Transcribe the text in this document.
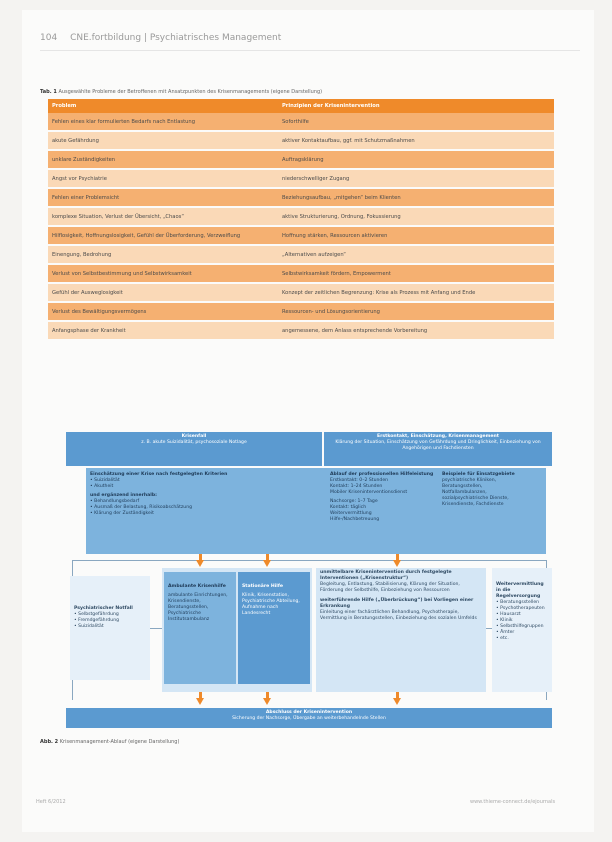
104 CNE.fortbildung | Psychiatrisches Management
Tab. 1 Ausgewählte Probleme der Betroffenen mit Ansatzpunkten des Krisenmanagements (eigene Darstellung)
Problem	Prinzipien der Krisenintervention
Fehlen eines klar formulierten Bedarfs nach Entlastung	Soforthilfe
akute Gefährdung	aktiver Kontaktaufbau, ggf. mit Schutzmaßnahmen
unklare Zuständigkeiten	Auftragsklärung
Angst vor Psychiatrie	niederschwelliger Zugang
Fehlen einer Problemsicht	Beziehungsaufbau, „mitgehen“ beim Klienten
komplexe Situation, Verlust der Übersicht, „Chaos“	aktive Strukturierung, Ordnung, Fokussierung
Hilflosigkeit, Hoffnungslosigkeit, Gefühl der Überforderung, Verzweiflung	Hoffnung stärken, Ressourcen aktivieren
Einengung, Bedrohung	„Alternativen aufzeigen“
Verlust von Selbstbestimmung und Selbstwirksamkeit	Selbstwirksamkeit fördern, Empowerment
Gefühl der Ausweglosigkeit	Konzept der zeitlichen Begrenzung: Krise als Prozess mit Anfang und Ende
Verlust des Bewältigungsvermögens	Ressourcen- und Lösungsorientierung
Anfangsphase der Krankheit	angemessene, dem Anlass entsprechende Vorbereitung
Krisenfall
z. B. akute Suizidalität, psychosoziale Notlage
Erstkontakt, Einschätzung, Krisenmanagement
Klärung der Situation, Einschätzung von Gefährdung und Dringlichkeit, Einbeziehung von Angehörigen und Fachdiensten
Einschätzung einer Krise nach festgelegten Kriterien
• Suizidalität
• Akutheit
und ergänzend innerhalb:
• Behandlungsbedarf
• Ausmaß der Belastung, Risikoabschätzung
• Klärung der Zuständigkeit
Ablauf der professionellen Hilfeleistung
Erstkontakt: 0–2 Stunden
Kontakt: 1–24 Stunden
Mobiler Kriseninterventionsdienst
Nachsorge: 1–7 Tage
Kontakt: täglich
Weitervermittlung
Hilfe-/Nachbetreuung
Beispiele für Einsatzgebiete
psychiatrische Kliniken,
Beratungsstellen,
Notfallambulanzen,
sozialpsychiatrische Dienste,
Krisendienste, Fachdienste
Psychiatrischer Notfall
• Selbstgefährdung
• Fremdgefährdung
• Suizidalität
Ambulante Krisenhilfe
ambulante Einrichtungen, Krisendienste, Beratungsstellen, Psychiatrische Institutsambulanz
Stationäre Hilfe
Klinik, Krisenstation, Psychiatrische Abteilung, Aufnahme nach Landesrecht
unmittelbare Krisenintervention durch festgelegte Interventionen („Krisenstruktur“)
Begleitung, Entlastung, Stabilisierung, Klärung der Situation, Förderung der Selbsthilfe, Einbeziehung von Ressourcen
weiterführende Hilfe („Überbrückung“) bei Vorliegen einer Erkrankung
Einleitung einer fachärztlichen Behandlung, Psychotherapie, Vermittlung in Beratungsstellen, Einbeziehung des sozialen Umfelds
Weitervermittlung in die Regelversorgung
• Beratungsstellen
• Psychotherapeuten
• Hausarzt
• Klinik
• Selbsthilfegruppen
• Ämter
• etc.
Abschluss der Krisenintervention
Sicherung der Nachsorge, Übergabe an weiterbehandelnde Stellen
Abb. 2 Krisenmanagement-Ablauf (eigene Darstellung)
Heft 6/2012	www.thieme-connect.de/ejournals
